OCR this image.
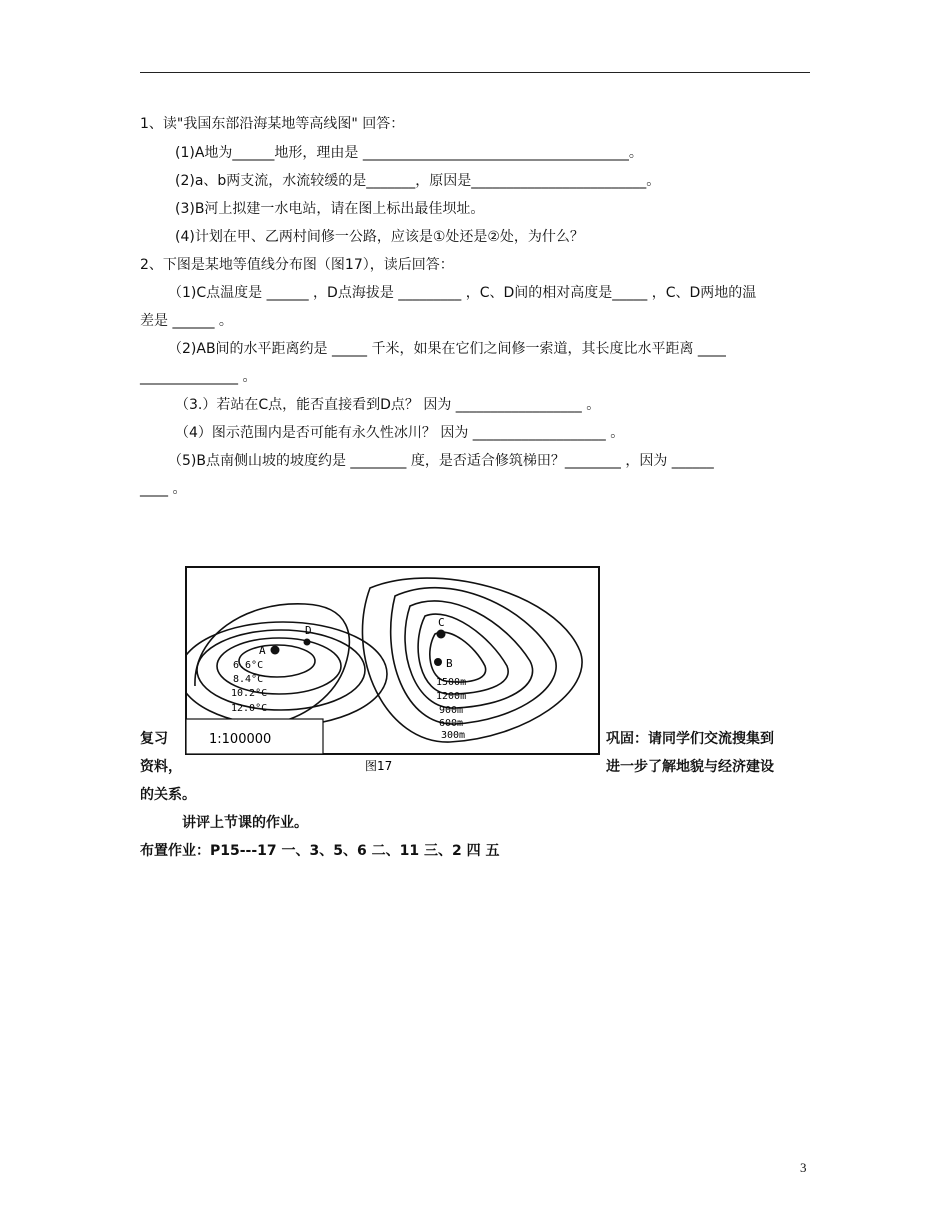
1、读"我国东部沿海某地等高线图" 回答：
(1)A地为______地形，理由是 ______________________________________。
(2)a、b两支流，水流较缓的是_______，原因是_________________________。
(3)B河上拟建一水电站，请在图上标出最佳坝址。
(4)计划在甲、乙两村间修一公路，应该是①处还是②处，为什么？
2、下图是某地等值线分布图（图17），读后回答：
（1)C点温度是 ______ ，D点海拔是 _________ ，C、D间的相对高度是_____ ，C、D两地的温
差是 ______ 。
（2)AB间的水平距离约是 _____ 千米，如果在它们之间修一索道，其长度比水平距离 ____
______________ 。
（3.）若站在C点，能否直接看到D点？ 因为 __________________ 。
（4）图示范围内是否可能有永久性冰川？ 因为 ___________________ 。
（5)B点南侧山坡的坡度约是 ________ 度，是否适合修筑梯田？________ ，因为 ______
____ 。
A
D
C
B
6.6°C
8.4°C
10.2°C
12.0°C
1500m
1200m
900m
600m
300m
1:100000
图17
复习	巩固：请同学们交流搜集到
资料，	进一步了解地貌与经济建设
的关系。
讲评上节课的作业。
布置作业：P15---17 一、3、5、6 二、11 三、2 四 五
3
